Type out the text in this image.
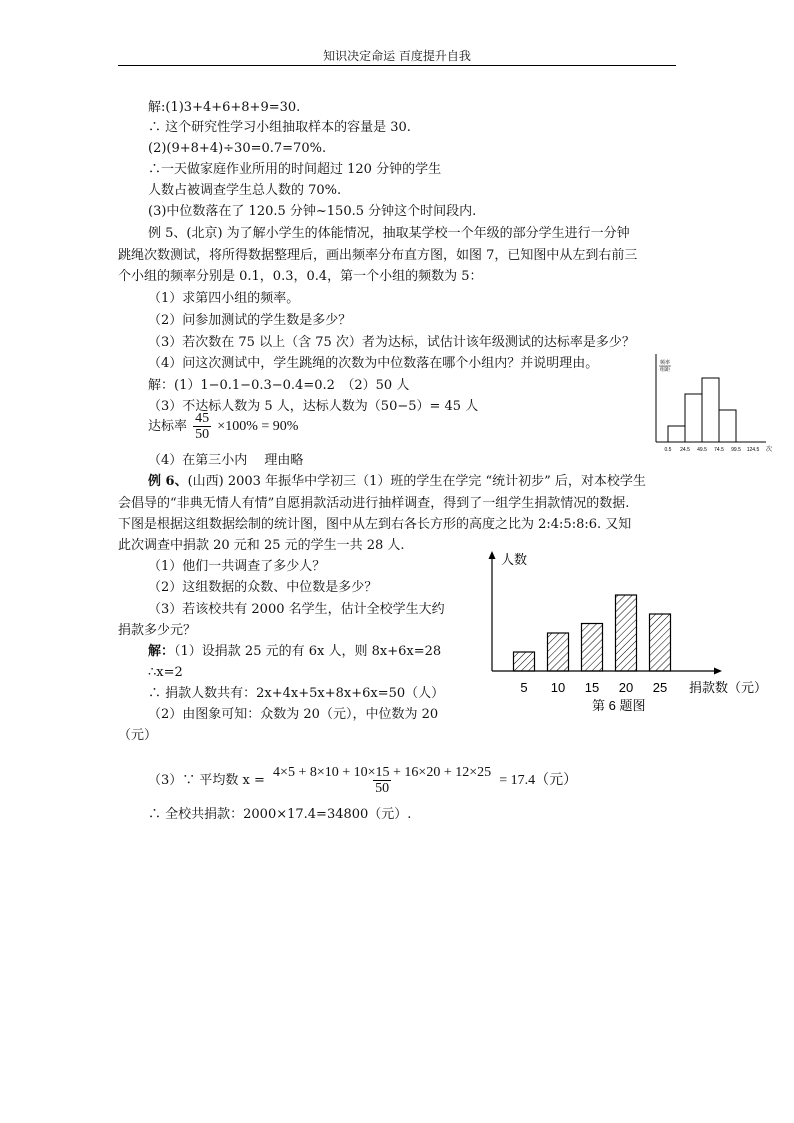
知识决定命运 百度提升自我
解:(1)3+4+6+8+9=30.
∴ 这个研究性学习小组抽取样本的容量是 30.
(2)(9+8+4)÷30=0.7=70%.
∴一天做家庭作业所用的时间超过 120 分钟的学生
人数占被调查学生总人数的 70%.
(3)中位数落在了 120.5 分钟~150.5 分钟这个时间段内.
例 5、(北京) 为了解小学生的体能情况，抽取某学校一个年级的部分学生进行一分钟
跳绳次数测试，将所得数据整理后，画出频率分布直方图，如图 7，已知图中从左到右前三
个小组的频率分别是 0.1，0.3，0.4，第一个小组的频数为 5：
（1）求第四小组的频率。
（2）问参加测试的学生数是多少？
（3）若次数在 75 以上（含 75 次）者为达标，试估计该年级测试的达标率是多少？
（4）问这次测试中，学生跳绳的次数为中位数落在哪个小组内？并说明理由。
解：(1）1−0.1−0.3−0.4=0.2　（2）50 人
（3）不达标人数为 5 人，达标人数为（50−5）= 45 人
达标率 $\frac{45}{50} \times 100\% = 90\%$
（4）在第三小内　 理由略
例 6、(山西) 2003 年振华中学初三（1）班的学生在学完 “统计初步” 后，对本校学生
会倡导的“非典无情人有情”自愿捐款活动进行抽样调查，得到了一组学生捐款情况的数据.
下图是根据这组数据绘制的统计图，图中从左到右各长方形的高度之比为 2:4:5:8:6. 又知
此次调查中捐款 20 元和 25 元的学生一共 28 人.
（1）他们一共调查了多少人？
（2）这组数据的众数、中位数是多少？
（3）若该校共有 2000 名学生，估计全校学生大约
捐款多少元？
解：（1）设捐款 25 元的有 6x 人，则 8x+6x=28
∴x=2
∴ 捐款人数共有：2x+4x+5x+8x+6x=50（人）
（2）由图象可知：众数为 20（元），中位数为 20
（元）
（3）∵ 平均数 $x = \frac{4\times 5 + 8\times 10 + 10\times 15 + 16\times 20 + 12\times 25}{50} = 17.4$（元）
∴ 全校共捐款：2000×17.4=34800（元）.
频率
组距
次
0.5 24.5 49.5 74.5 99.5 124.5
人数
捐款数（元）
第 6 题图
5 10 15 20 25
